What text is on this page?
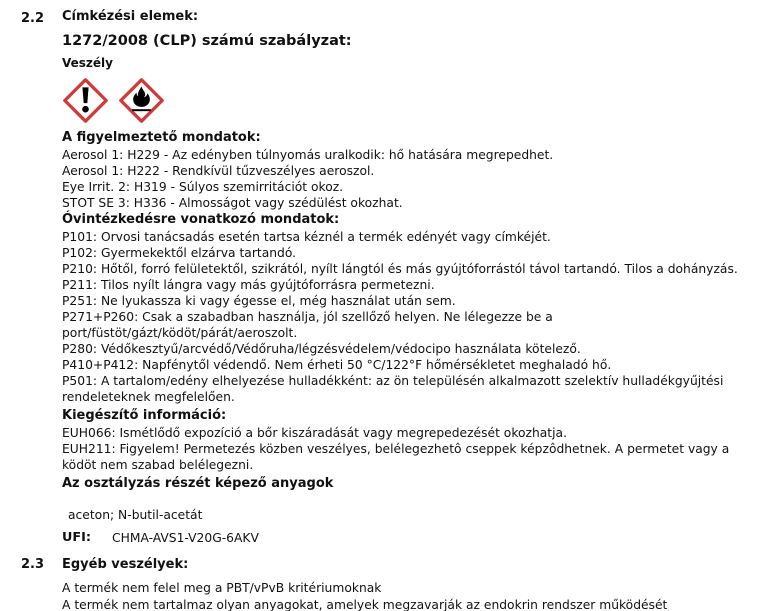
2.2 Címkézési elemek:
1272/2008 (CLP) számú szabályzat:
Veszély
A figyelmeztető mondatok:
Aerosol 1: H229 - Az edényben túlnyomás uralkodik: hő hatására megrepedhet.
Aerosol 1: H222 - Rendkívül tűzveszélyes aeroszol.
Eye Irrit. 2: H319 - Súlyos szemirritációt okoz.
STOT SE 3: H336 - Almosságot vagy szédülést okozhat.
Óvintézkedésre vonatkozó mondatok:
P101: Orvosi tanácsadás esetén tartsa kéznél a termék edényét vagy címkéjét.
P102: Gyermekektől elzárva tartandó.
P210: Hőtől, forró felületektől, szikrától, nyílt lángtól és más gyújtóforrástól távol tartandó. Tilos a dohányzás.
P211: Tilos nyílt lángra vagy más gyújtóforrásra permetezni.
P251: Ne lyukassza ki vagy égesse el, még használat után sem.
P271+P260: Csak a szabadban használja, jól szellőző helyen. Ne lélegezze be a port/füstöt/gázt/ködöt/párát/aeroszolt.
P280: Védőkesztyű/arcvédő/Védőruha/légzésvédelem/védocipo használata kötelező.
P410+P412: Napfénytől védendő. Nem érheti 50 °C/122°F hőmérsékletet meghaladó hő.
P501: A tartalom/edény elhelyezése hulladékként: az ön településén alkalmazott szelektív hulladékgyűjtési rendeleteknek megfelelően.
Kiegészítő információ:
EUH066: Ismétlődő expozíció a bőr kiszáradását vagy megrepedezését okozhatja.
EUH211: Figyelem! Permetezés közben veszélyes, belélegezhetô cseppek képzôdhetnek. A permetet vagy a ködöt nem szabad belélegezni.
Az osztályzás részét képező anyagok
aceton; N-butil-acetát
UFI: CHMA-AVS1-V20G-6AKV
2.3 Egyéb veszélyek:
A termék nem felel meg a PBT/vPvB kritériumoknak
A termék nem tartalmaz olyan anyagokat, amelyek megzavarják az endokrin rendszer működését
